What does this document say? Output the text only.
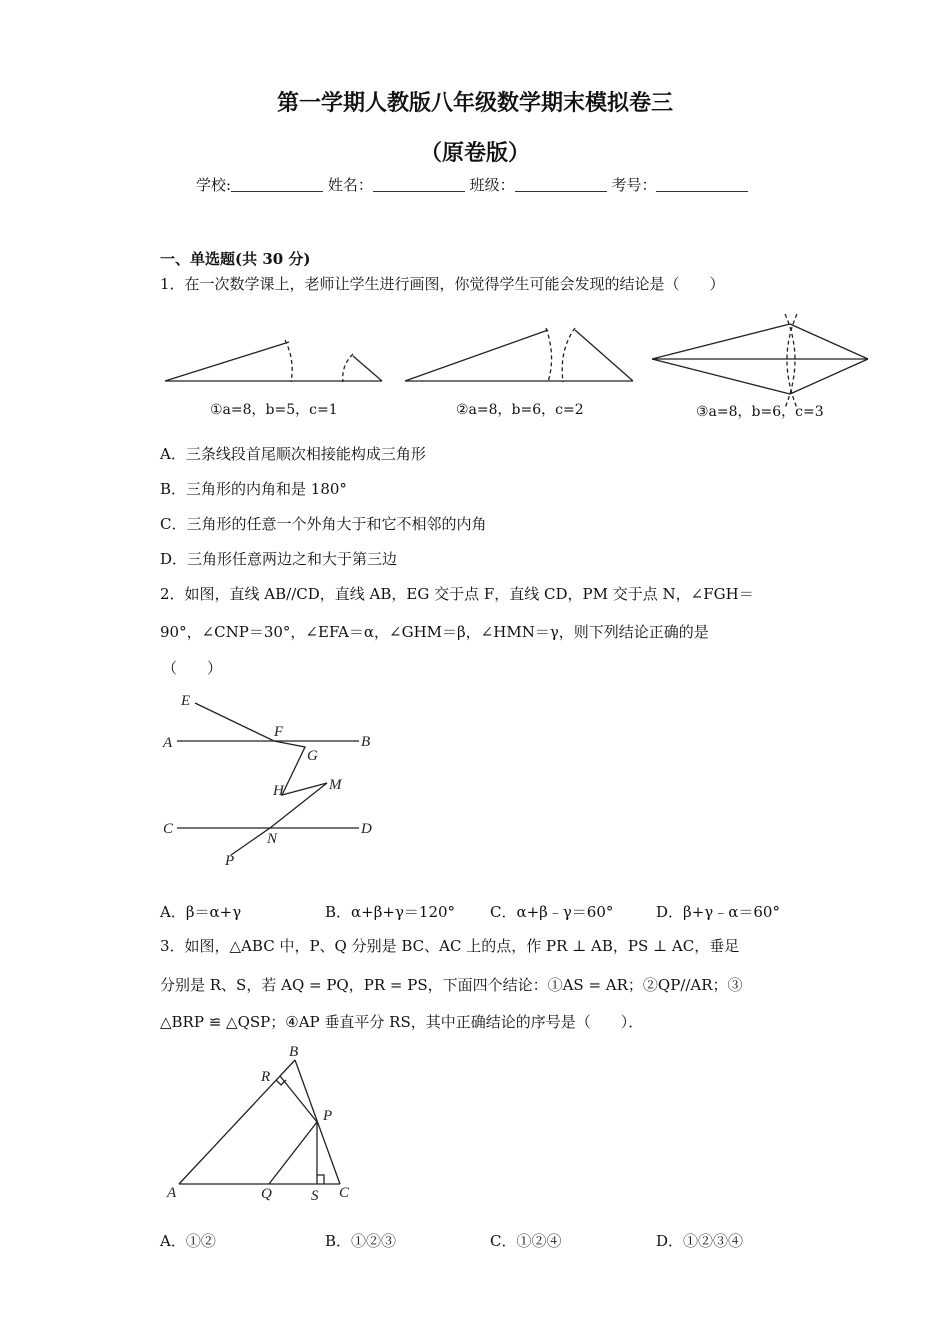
第一学期人教版八年级数学期末模拟卷三
（原卷版）
学校:	姓名：	班级：	考号：
一、单选题(共 30 分)
1．在一次数学课上，老师让学生进行画图，你觉得学生可能会发现的结论是（　　）
①a=8，b=5，c=1	②a=8，b=6，c=2	③a=8，b=6，c=3
A．三条线段首尾顺次相接能构成三角形
B．三角形的内角和是 180°
C．三角形的任意一个外角大于和它不相邻的内角
D．三角形任意两边之和大于第三边
2．如图，直线 AB//CD，直线 AB，EG 交于点 F，直线 CD，PM 交于点 N，∠FGH＝
90°，∠CNP＝30°，∠EFA＝α，∠GHM＝β，∠HMN＝γ，则下列结论正确的是
（　　）
E
A
F
B
G
H	M
C
N
D
P
A．β＝α+γ	B．α+β+γ＝120° C．α+β﹣γ＝60°	D．β+γ﹣α＝60°
3．如图，△ABC 中，P、Q 分别是 BC、AC 上的点，作 PR ⊥ AB，PS ⊥ AC，垂足
分别是 R、S，若 AQ = PQ，PR = PS，下面四个结论：①AS = AR；②QP//AR；③
△BRP ≌ △QSP；④AP 垂直平分 RS，其中正确结论的序号是（　　）．
B
R
P
A	Q	S C
A．①②	B．①②③	C．①②④	D．①②③④
